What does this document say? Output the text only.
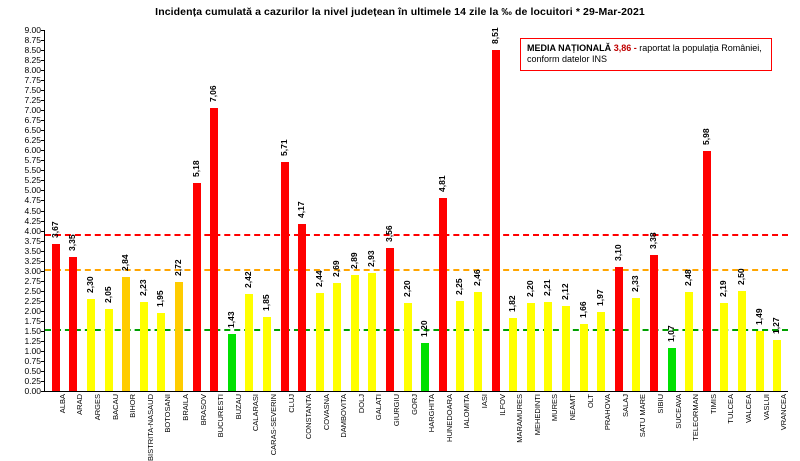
Incidența cumulată a cazurilor la nivel județean în ultimele 14 zile la ‰ de locuitori * 29-Mar-2021
9.00
8.75
8.50
8.25
8.00
7.75
7.50
7.25
7.00
6.75
6.50
6.25
6.00
5.75
5.50
5.25
5.00
4.75
4.50
4.25
4.00
3.75
3.50
3.25
3.00
2.75
2.50
2.25
2.00
1.75
1.50
1.25
1.00
0.75
0.50
0.25
0.00
3,67
ALBA
3,35
ARAD
2,30
ARGES
2,05
BACAU
2,84
BIHOR
2,23
BISTRITA-NASAUD
1,95
BOTOSANI
2,72
BRAILA
5,18
BRASOV
7,06
BUCURESTI
1,43
BUZAU
2,42
CALARASI
1,85
CARAS-SEVERIN
5,71
CLUJ
4,17
CONSTANTA
2,44
COVASNA
2,69
DAMBOVITA
2,89
DOLJ
2,93
GALATI
3,56
GIURGIU
2,20
GORJ
1,20
HARGHITA
4,81
HUNEDOARA
2,25
IALOMITA
2,46
IASI
8,51
ILFOV
1,82
MARAMURES
2,20
MEHEDINTI
2,21
MURES
2,12
NEAMT
1,66
OLT
1,97
PRAHOVA
3,10
SALAJ
2,33
SATU MARE
3,38
SIBIU
1,07
SUCEAVA
2,48
TELEORMAN
5,98
TIMIS
2,19
TULCEA
2,50
VALCEA
1,49
VASLUI
1,27
VRANCEA
MEDIA NAȚIONALĂ 3,86 - raportat la populația României,
conform datelor INS
